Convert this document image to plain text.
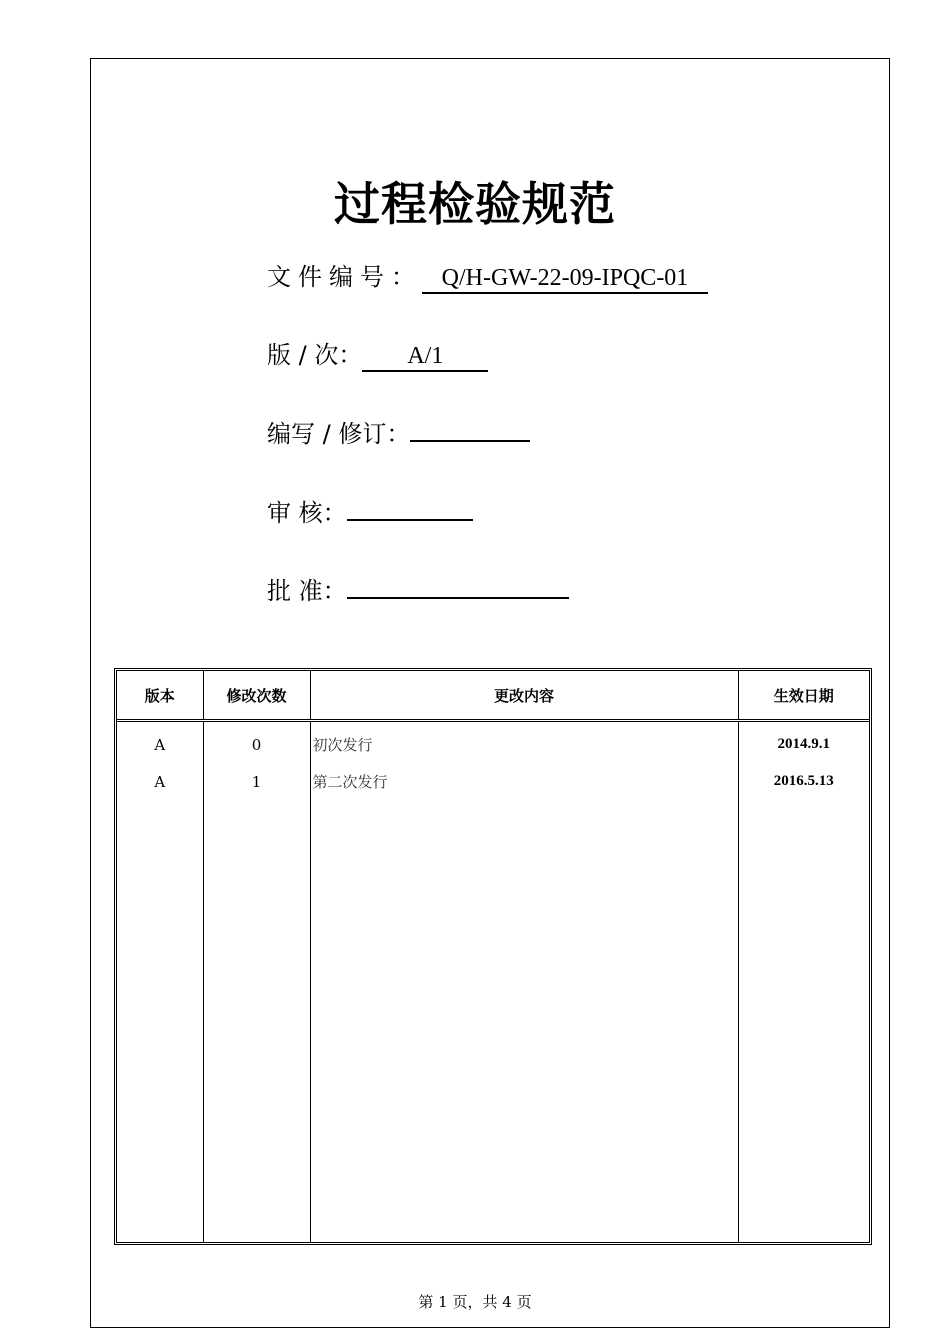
过程检验规范
文件编号： Q/H-GW-22-09-IPQC-01
版 / 次： A/1
编写 / 修订：
审 核：
批 准：
版本	修改次数	更改内容	生效日期
A	0	初次发行	2014.9.1
A	1	第二次发行	2016.5.13

第 1 页，共 4 页
